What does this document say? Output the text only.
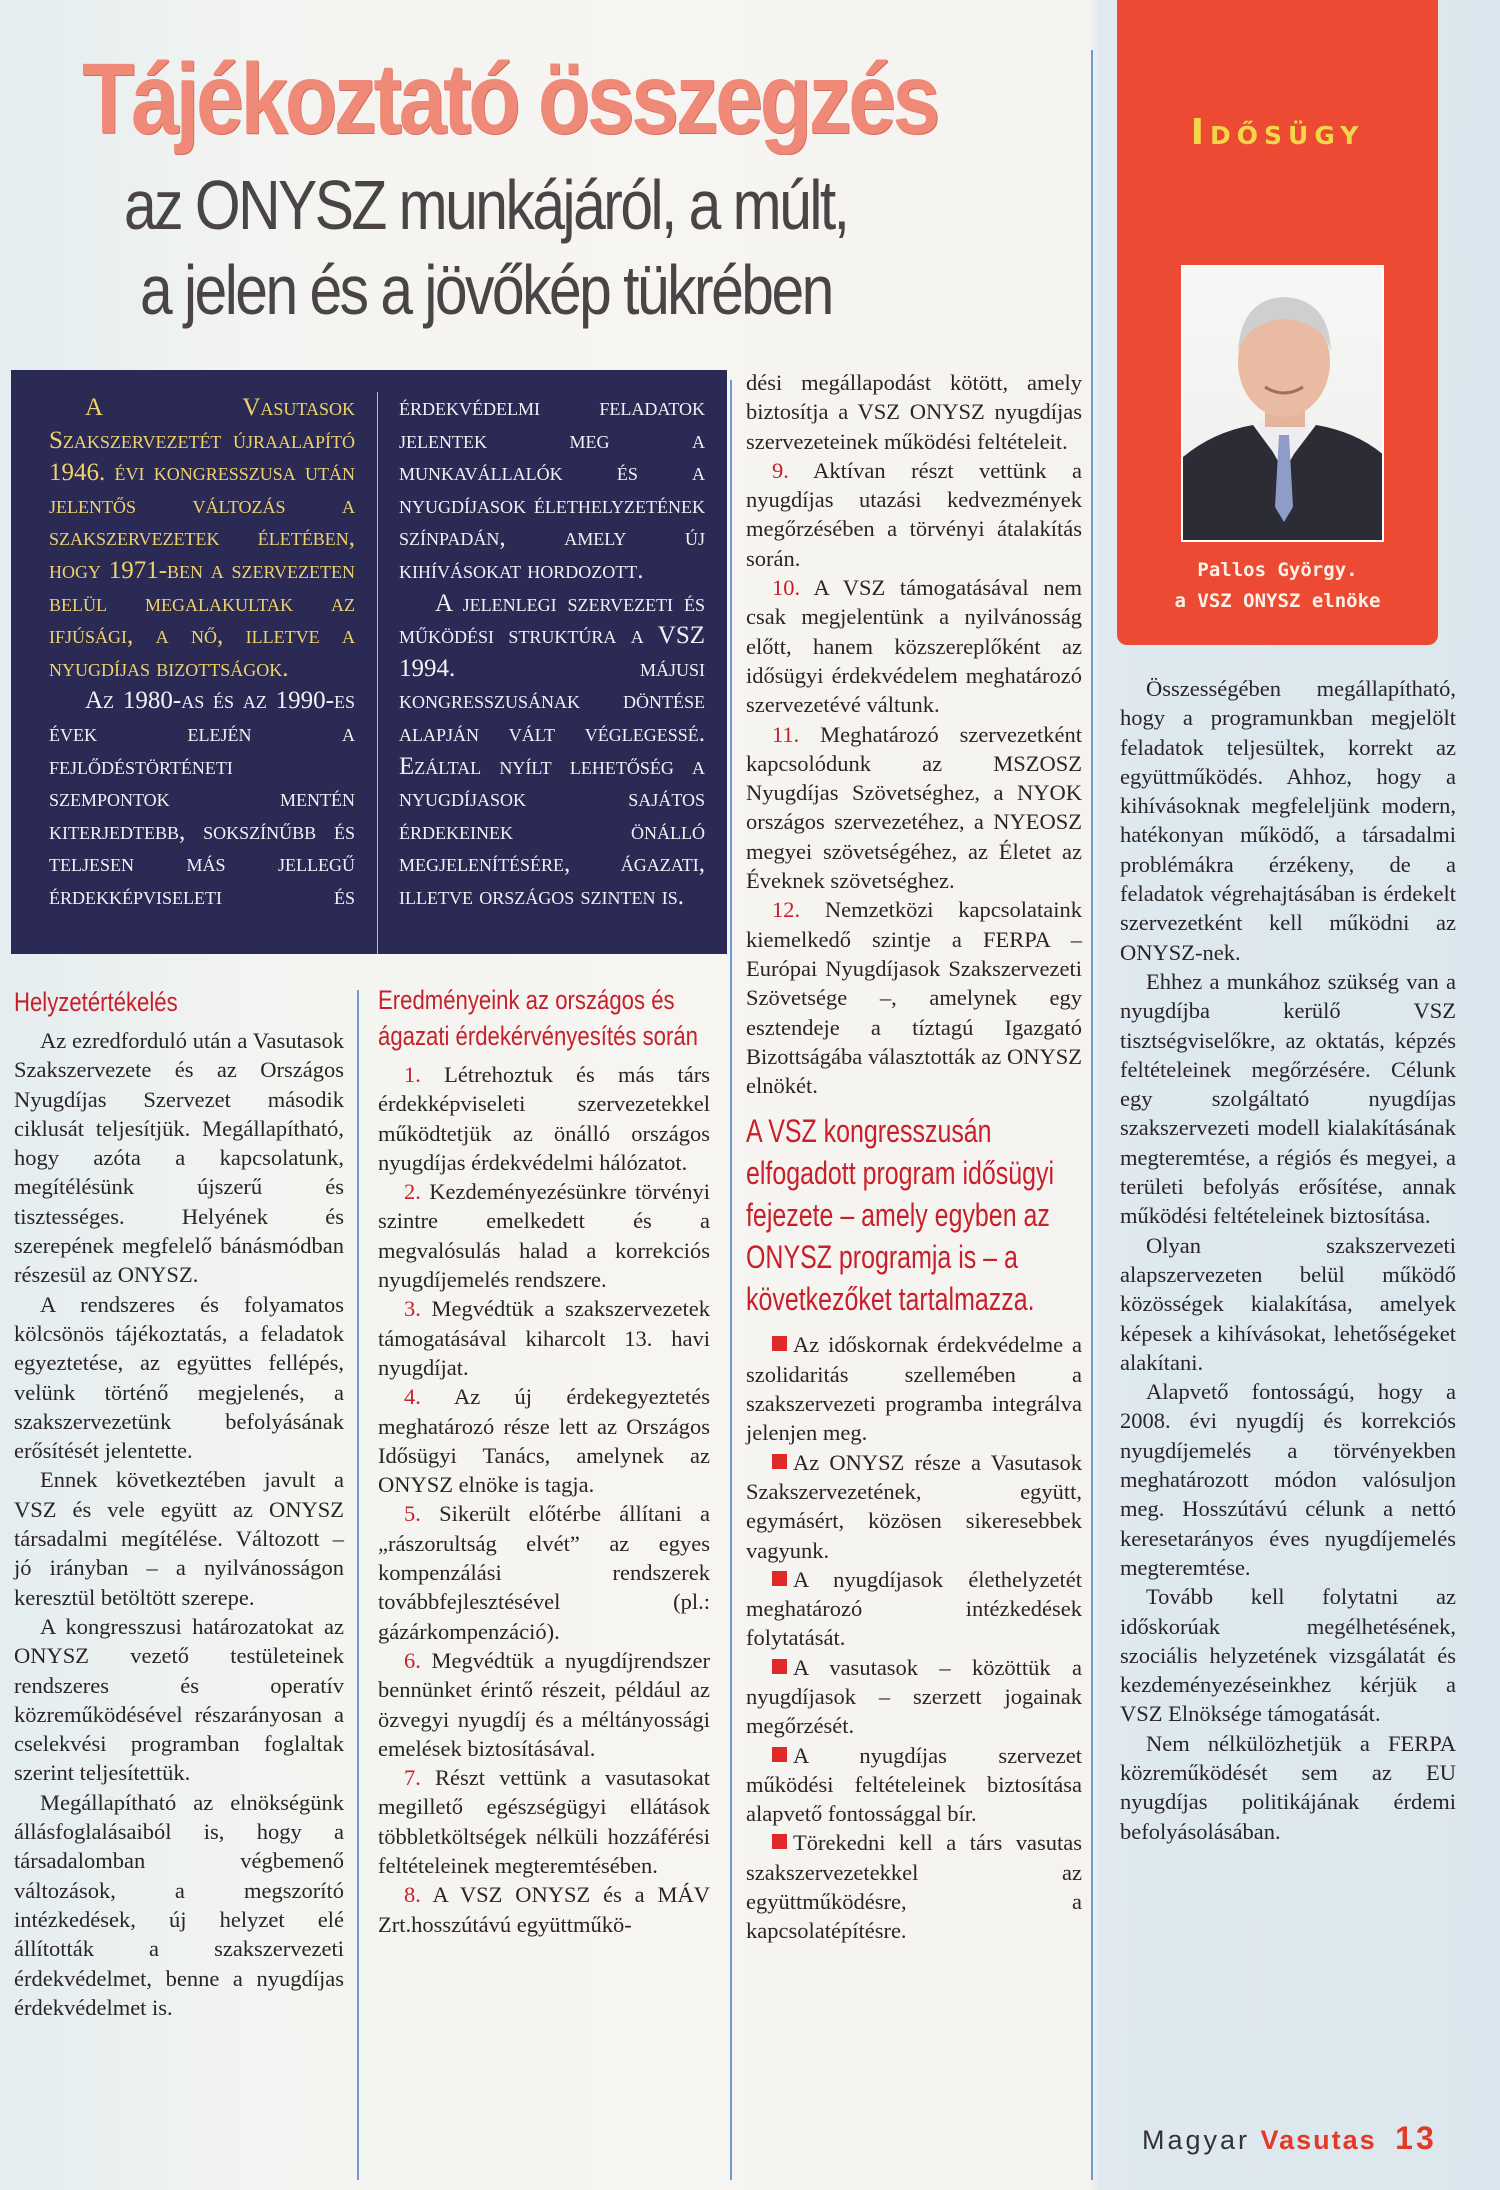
Tájékoztató összegzés
az ONYSZ munkájáról, a múlt,
a jelen és a jövőkép tükrében

A Vasutasok Szakszervezetét újraalapító 1946. évi kongresszusa után jelentős változás a szakszervezetek életében, hogy 1971-ben a szervezeten belül megalakultak az ifjúsági, a nő, illetve a nyugdíjas bizottságok.

Az 1980-as és az 1990-es évek elején a fejlődéstörténeti szempontok mentén kiterjedtebb, sokszínűbb és teljesen más jellegű érdekképviseleti és érdekvédelmi feladatok jelentek meg a munkavállalók és a nyugdíjasok élethelyzetének színpadán, amely új kihívásokat hordozott.

A jelenlegi szervezeti és működési struktúra a VSZ 1994. májusi kongresszusának döntése alapján vált véglegessé. Ezáltal nyílt lehetőség a nyugdíjasok sajátos érdekeinek önálló megjelenítésére, ágazati, illetve országos szinten is.

Idősügy
Pallos György.
a VSZ ONYSZ elnöke
Helyzetértékelés

Az ezredforduló után a Vasutasok Szakszervezete és az Országos Nyugdíjas Szervezet második ciklusát teljesítjük. Megállapítható, hogy azóta a kapcsolatunk, megítélésünk újszerű és tisztességes. Helyének és szerepének megfelelő bánásmódban részesül az ONYSZ.

A rendszeres és folyamatos kölcsönös tájékoztatás, a feladatok egyeztetése, az együttes fellépés, velünk történő megjelenés, a szakszervezetünk befolyásának erősítését jelentette.

Ennek következtében javult a VSZ és vele együtt az ONYSZ társadalmi megítélése. Változott – jó irányban – a nyilvánosságon keresztül betöltött szerepe.

A kongresszusi határozatokat az ONYSZ vezető testületeinek rendszeres és operatív közreműködésével részarányosan a cselekvési programban foglaltak szerint teljesítettük.

Megállapítható az elnökségünk állásfoglalásaiból is, hogy a társadalomban végbemenő változások, a megszorító intézkedések, új helyzet elé állították a szakszervezeti érdekvédelmet, benne a nyugdíjas érdekvédelmet is.

Eredményeink az országos és ágazati érdekérvényesítés során

1. Létrehoztuk és más társ érdekképviseleti szervezetekkel működtetjük az önálló országos nyugdíjas érdekvédelmi hálózatot.

2. Kezdeményezésünkre törvényi szintre emelkedett és a megvalósulás halad a korrekciós nyugdíjemelés rendszere.

3. Megvédtük a szakszervezetek támogatásával kiharcolt 13. havi nyugdíjat.

4. Az új érdekegyeztetés meghatározó része lett az Országos Idősügyi Tanács, amelynek az ONYSZ elnöke is tagja.

5. Sikerült előtérbe állítani a „rászorultság elvét” az egyes kompenzálási rendszerek továbbfejlesztésével (pl.: gázárkompenzáció).

6. Megvédtük a nyugdíjrendszer bennünket érintő részeit, például az özvegyi nyugdíj és a méltányossági emelések biztosításával.

7. Részt vettünk a vasutasokat megillető egészségügyi ellátások többletköltségek nélküli hozzáférési feltételeinek megteremtésében.

8. A VSZ ONYSZ és a MÁV Zrt.hosszútávú együttműkö-

dési megállapodást kötött, amely biztosítja a VSZ ONYSZ nyugdíjas szervezeteinek működési feltételeit.

9. Aktívan részt vettünk a nyugdíjas utazási kedvezmények megőrzésében a törvényi átalakítás során.

10. A VSZ támogatásával nem csak megjelentünk a nyilvánosság előtt, hanem közszereplőként az idősügyi érdekvédelem meghatározó szervezetévé váltunk.

11. Meghatározó szervezetként kapcsolódunk az MSZOSZ Nyugdíjas Szövetséghez, a NYOK országos szervezetéhez, a NYEOSZ megyei szövetségéhez, az Életet az Éveknek szövetséghez.

12. Nemzetközi kapcsolataink kiemelkedő szintje a FERPA – Európai Nyugdíjasok Szakszervezeti Szövetsége –, amelynek egy esztendeje a tíztagú Igazgató Bizottságába választották az ONYSZ elnökét.

A VSZ kongresszusán elfogadott program idősügyi fejezete – amely egyben az ONYSZ programja is – a következőket tartalmazza.

Az időskornak érdekvédelme a szolidaritás szellemében a szakszervezeti programba integrálva jelenjen meg.

Az ONYSZ része a Vasutasok Szakszervezetének, együtt, egymásért, közösen sikeresebbek vagyunk.

A nyugdíjasok élethelyzetét meghatározó intézkedések folytatását.

A vasutasok – közöttük a nyugdíjasok – szerzett jogainak megőrzését.

A nyugdíjas szervezet működési feltételeinek biztosítása alapvető fontossággal bír.

Törekedni kell a társ vasutas szakszervezetekkel az együttműködésre, a kapcsolatépítésre.

Összességében megállapítható, hogy a programunkban megjelölt feladatok teljesültek, korrekt az együttműködés. Ahhoz, hogy a kihívásoknak megfeleljünk modern, hatékonyan működő, a társadalmi problémákra érzékeny, de a feladatok végrehajtásában is érdekelt szervezetként kell működni az ONYSZ-nek.

Ehhez a munkához szükség van a nyugdíjba kerülő VSZ tisztségviselőkre, az oktatás, képzés feltételeinek megőrzésére. Célunk egy szolgáltató nyugdíjas szakszervezeti modell kialakításának megteremtése, a régiós és megyei, a területi befolyás erősítése, annak működési feltételeinek biztosítása.

Olyan szakszervezeti alapszervezeten belül működő közösségek kialakítása, amelyek képesek a kihívásokat, lehetőségeket alakítani.

Alapvető fontosságú, hogy a 2008. évi nyugdíj és korrekciós nyugdíjemelés a törvényekben meghatározott módon valósuljon meg. Hosszútávú célunk a nettó keresetarányos éves nyugdíjemelés megteremtése.

Tovább kell folytatni az időskorúak megélhetésének, szociális helyzetének vizsgálatát és kezdeményezéseinkhez kérjük a VSZ Elnöksége támogatását.

Nem nélkülözhetjük a FERPA közreműködését sem az EU nyugdíjas politikájának érdemi befolyásolásában.

Magyar Vasutas 13
